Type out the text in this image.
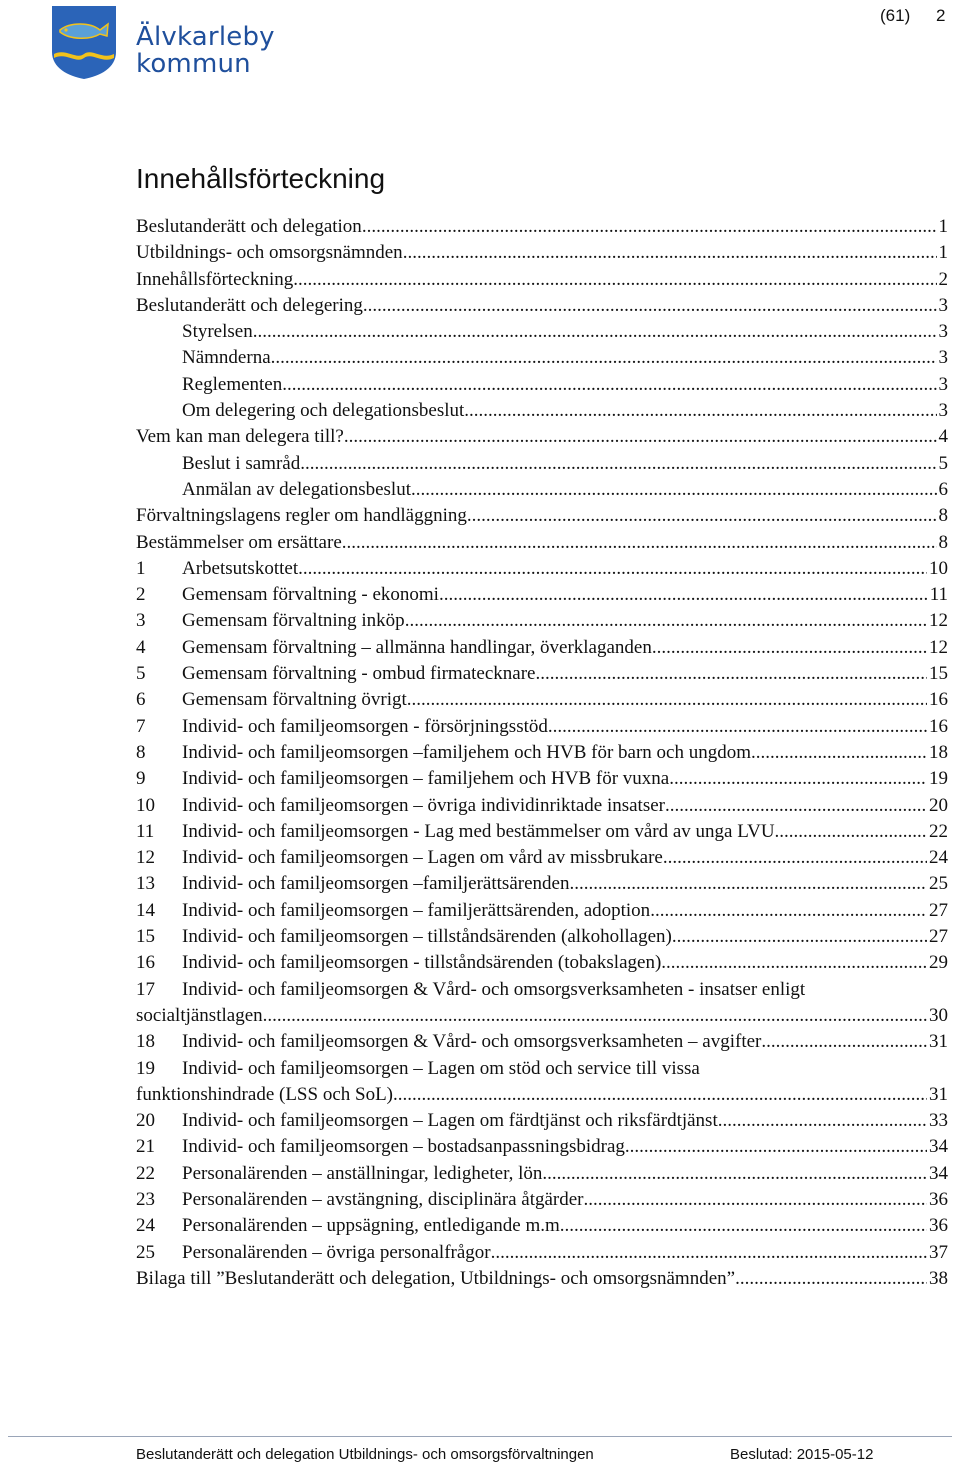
Älvkarleby
kommun
(61) 2
Innehållsförteckning
Beslutanderätt och delegation .....	1
Utbildnings- och omsorgsnämnden .....	1
Innehållsförteckning .....	2
Beslutanderätt och delegering .....	3
Styrelsen .....	3
Nämnderna .....	3
Reglementen .....	3
Om delegering och delegationsbeslut .....	3
Vem kan man delegera till? .....	4
Beslut i samråd .....	5
Anmälan av delegationsbeslut .....	6
Förvaltningslagens regler om handläggning .....	8
Bestämmelser om ersättare .....	8
1	Arbetsutskottet .....	10
2	Gemensam förvaltning - ekonomi .....	11
3	Gemensam förvaltning inköp .....	12
4	Gemensam förvaltning – allmänna handlingar, överklaganden .....	12
5	Gemensam förvaltning - ombud firmatecknare .....	15
6	Gemensam förvaltning övrigt .....	16
7	Individ- och familjeomsorgen - försörjningsstöd .....	16
8	Individ- och familjeomsorgen –familjehem och HVB för barn och ungdom .....	18
9	Individ- och familjeomsorgen – familjehem och HVB för vuxna .....	19
10	Individ- och familjeomsorgen – övriga individinriktade insatser .....	20
11	Individ- och familjeomsorgen - Lag med bestämmelser om vård av unga LVU .....	22
12	Individ- och familjeomsorgen – Lagen om vård av missbrukare .....	24
13	Individ- och familjeomsorgen –familjerättsärenden .....	25
14	Individ- och familjeomsorgen – familjerättsärenden, adoption .....	27
15	Individ- och familjeomsorgen – tillståndsärenden (alkohollagen) .....	27
16	Individ- och familjeomsorgen - tillståndsärenden (tobakslagen) .....	29
17	Individ- och familjeomsorgen & Vård- och omsorgsverksamheten - insatser enligt
socialtjänstlagen .....	30
18	Individ- och familjeomsorgen & Vård- och omsorgsverksamheten – avgifter .....	31
19	Individ- och familjeomsorgen – Lagen om stöd och service till vissa
funktionshindrade (LSS och SoL) .....	31
20	Individ- och familjeomsorgen – Lagen om färdtjänst och riksfärdtjänst .....	33
21	Individ- och familjeomsorgen – bostadsanpassningsbidrag .....	34
22	Personalärenden – anställningar, ledigheter, lön .....	34
23	Personalärenden – avstängning, disciplinära åtgärder .....	36
24	Personalärenden – uppsägning, entledigande m.m. .....	36
25	Personalärenden – övriga personalfrågor .....	37
Bilaga till ”Beslutanderätt och delegation, Utbildnings- och omsorgsnämnden” .....	38
Beslutanderätt och delegation Utbildnings- och omsorgsförvaltningen	Beslutad: 2015-05-12
